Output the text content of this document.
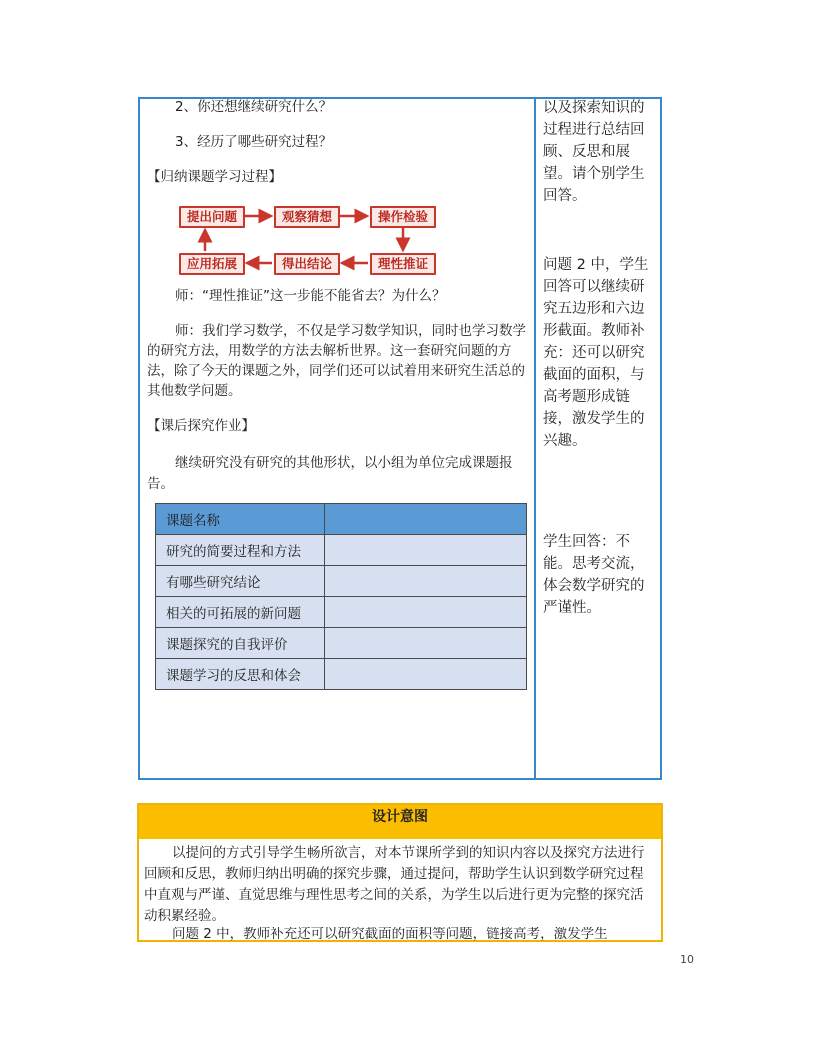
2、你还想继续研究什么？
3、经历了哪些研究过程？
【归纳课题学习过程】
提出问题	观察猜想	操作检验
理性推证
得出结论
应用拓展
师：“理性推证”这一步能不能省去？为什么？
师：我们学习数学，不仅是学习数学知识，同时也学习数学的研究方法，用数学的方法去解析世界。这一套研究问题的方法，除了今天的课题之外，同学们还可以试着用来研究生活总的其他数学问题。
【课后探究作业】
继续研究没有研究的其他形状，以小组为单位完成课题报告。
课题名称	
研究的简要过程和方法	
有哪些研究结论	
相关的可拓展的新问题	
课题探究的自我评价	
课题学习的反思和体会	
以及探索知识的过程进行总结回顾、反思和展望。请个别学生回答。
问题 2 中，学生回答可以继续研究五边形和六边形截面。教师补充：还可以研究截面的面积，与高考题形成链接，激发学生的兴趣。
学生回答：不能。思考交流，体会数学研究的严谨性。
设计意图
以提问的方式引导学生畅所欲言，对本节课所学到的知识内容以及探究方法进行回顾和反思，教师归纳出明确的探究步骤，通过提问，帮助学生认识到数学研究过程中直观与严谨、直觉思维与理性思考之间的关系，为学生以后进行更为完整的探究活动积累经验。
问题 2 中，教师补充还可以研究截面的面积等问题，链接高考，激发学生
10
